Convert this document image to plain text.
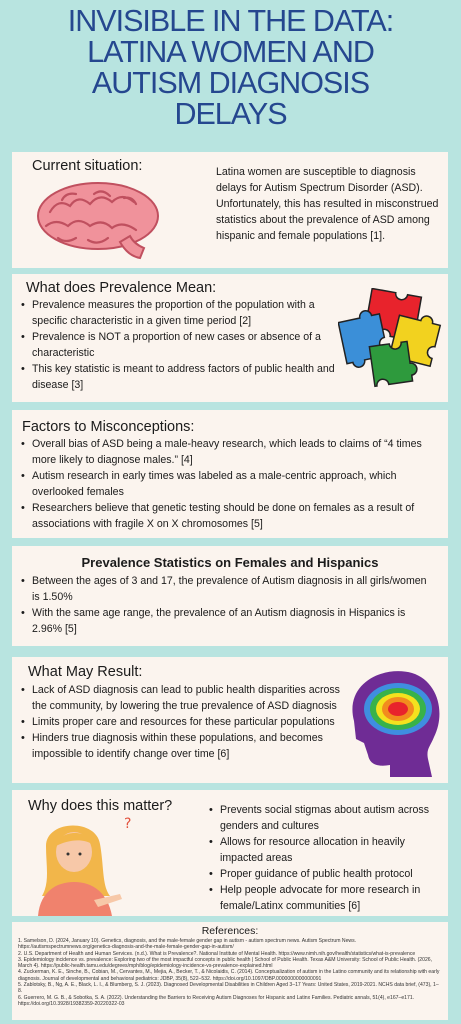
INVISIBLE IN THE DATA:
LATINA WOMEN AND
AUTISM DIAGNOSIS
DELAYS
Current situation:	Latina women are susceptible to diagnosis delays for Autism Spectrum Disorder (ASD). Unfortunately, this has resulted in misconstrued statistics about the prevalence of ASD among hispanic and female populations [1].
What does Prevalence Mean:
• Prevalence measures the proportion of the population with a specific characteristic in a given time period [2]
• Prevalence is NOT a proportion of new cases or absence of a characteristic
• This key statistic is meant to address factors of public health and disease [3]
Factors to Misconceptions:
• Overall bias of ASD being a male-heavy research, which leads to claims of “4 times more likely to diagnose males.” [4]
• Autism research in early times was labeled as a male-centric approach, which overlooked females
• Researchers believe that genetic testing should be done on females as a result of associations with fragile X on X chromosomes [5]
Prevalence Statistics on Females and Hispanics
• Between the ages of 3 and 17, the prevalence of Autism diagnosis in all girls/women is 1.50%
• With the same age range, the prevalence of an Autism diagnosis in Hispanics is 2.96% [5]
What May Result:
• Lack of ASD diagnosis can lead to public health disparities across the community, by lowering the true prevalence of ASD diagnosis
• Limits proper care and resources for these particular populations
• Hinders true diagnosis within these populations, and becomes impossible to identify change over time [6]
Why does this matter?
?
• Prevents social stigmas about autism across genders and cultures
• Allows for resource allocation in heavily impacted areas
• Proper guidance of public health protocol
• Help people advocate for more research in female/Latinx communities [6]
References:
1. Samelson, D. (2024, January 10). Genetics, diagnosis, and the male-female gender gap in autism - autism spectrum news. Autism Spectrum News. https://autismspectrumnews.org/genetics-diagnosis-and-the-male-female-gender-gap-in-autism/
2. U.S. Department of Health and Human Services. (n.d.). What is Prevalence?. National Institute of Mental Health. https://www.nimh.nih.gov/health/statistics/what-is-prevalence
3. Epidemiology incidence vs. prevalence: Exploring two of the most impactful concepts in public health | School of Public Health. Texas A&M University: School of Public Health. (2026, March 4). https://public-health.tamu.edu/degrees/mph/blog/epidemiology-incidence-vs-prevalence-explained.html
4. Zuckerman, K. E., Sinche, B., Cobian, M., Cervantes, M., Mejia, A., Becker, T., & Nicolaidis, C. (2014). Conceptualization of autism in the Latino community and its relationship with early diagnosis. Journal of developmental and behavioral pediatrics: JDBP, 35(8), 522–532. https://doi.org/10.1097/DBP.0000000000000091
5. Zablotsky, B., Ng, A. E., Black, L. I., & Blumberg, S. J. (2023). Diagnosed Developmental Disabilities in Children Aged 3–17 Years: United States, 2019-2021. NCHS data brief, (473), 1–8.
6. Guerrero, M. G. B., & Sobotka, S. A. (2022). Understanding the Barriers to Receiving Autism Diagnoses for Hispanic and Latinx Families. Pediatric annals, 51(4), e167–e171. https://doi.org/10.3928/19382359-20220322-03
